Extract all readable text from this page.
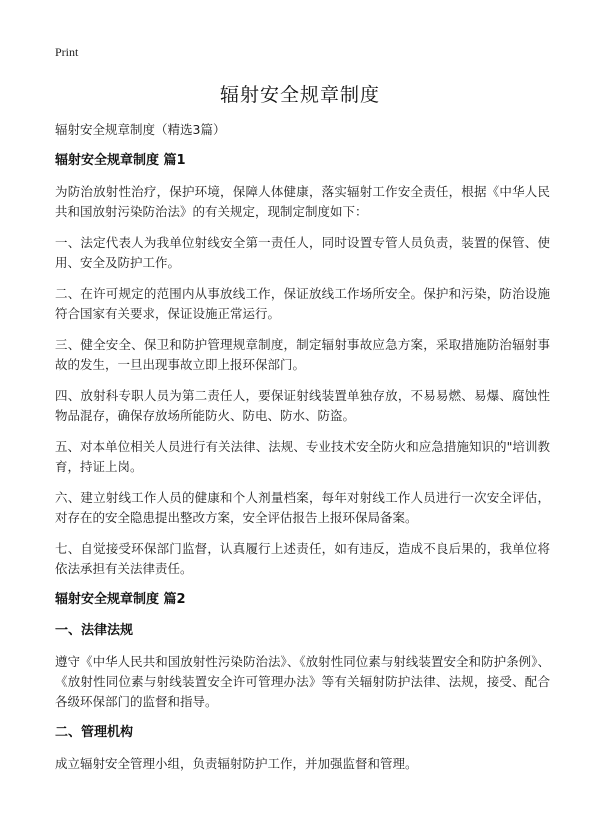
Print
辐射安全规章制度

辐射安全规章制度（精选3篇）

辐射安全规章制度 篇1

为防治放射性治疗，保护环境，保障人体健康，落实辐射工作安全责任，根据《中华人民共和国放射污染防治法》的有关规定，现制定制度如下：

一、法定代表人为我单位射线安全第一责任人，同时设置专管人员负责，装置的保管、使用、安全及防护工作。

二、在许可规定的范围内从事放线工作，保证放线工作场所安全。保护和污染，防治设施符合国家有关要求，保证设施正常运行。

三、健全安全、保卫和防护管理规章制度，制定辐射事故应急方案，采取措施防治辐射事故的发生，一旦出现事故立即上报环保部门。

四、放射科专职人员为第二责任人，要保证射线装置单独存放，不易易燃、易爆、腐蚀性物品混存，确保存放场所能防火、防电、防水、防盗。

五、对本单位相关人员进行有关法律、法规、专业技术安全防火和应急措施知识的"培训教育，持证上岗。

六、建立射线工作人员的健康和个人剂量档案，每年对射线工作人员进行一次安全评估，对存在的安全隐患提出整改方案，安全评估报告上报环保局备案。

七、自觉接受环保部门监督，认真履行上述责任，如有违反，造成不良后果的，我单位将依法承担有关法律责任。

辐射安全规章制度 篇2

一、法律法规

遵守《中华人民共和国放射性污染防治法》、《放射性同位素与射线装置安全和防护条例》、《放射性同位素与射线装置安全许可管理办法》等有关辐射防护法律、法规，接受、配合各级环保部门的监督和指导。

二、管理机构

成立辐射安全管理小组，负责辐射防护工作，并加强监督和管理。
